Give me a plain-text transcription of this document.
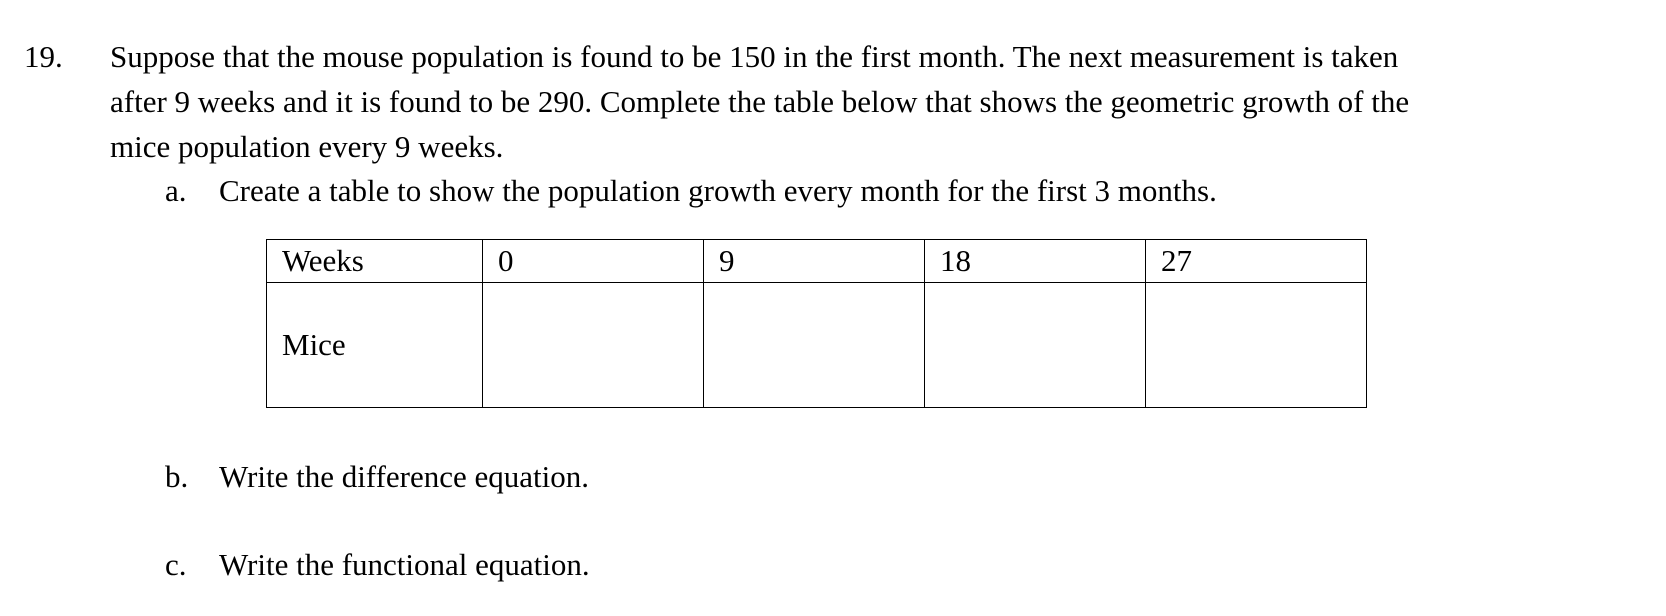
19.	Suppose that the mouse population is found to be 150 in the first month. The next measurement is taken
after 9 weeks and it is found to be 290. Complete the table below that shows the geometric growth of the
mice population every 9 weeks.
a.	Create a table to show the population growth every month for the first 3 months.
Weeks	0	9	18	27
Mice				
b. Write the difference equation.
c.	Write the functional equation.
